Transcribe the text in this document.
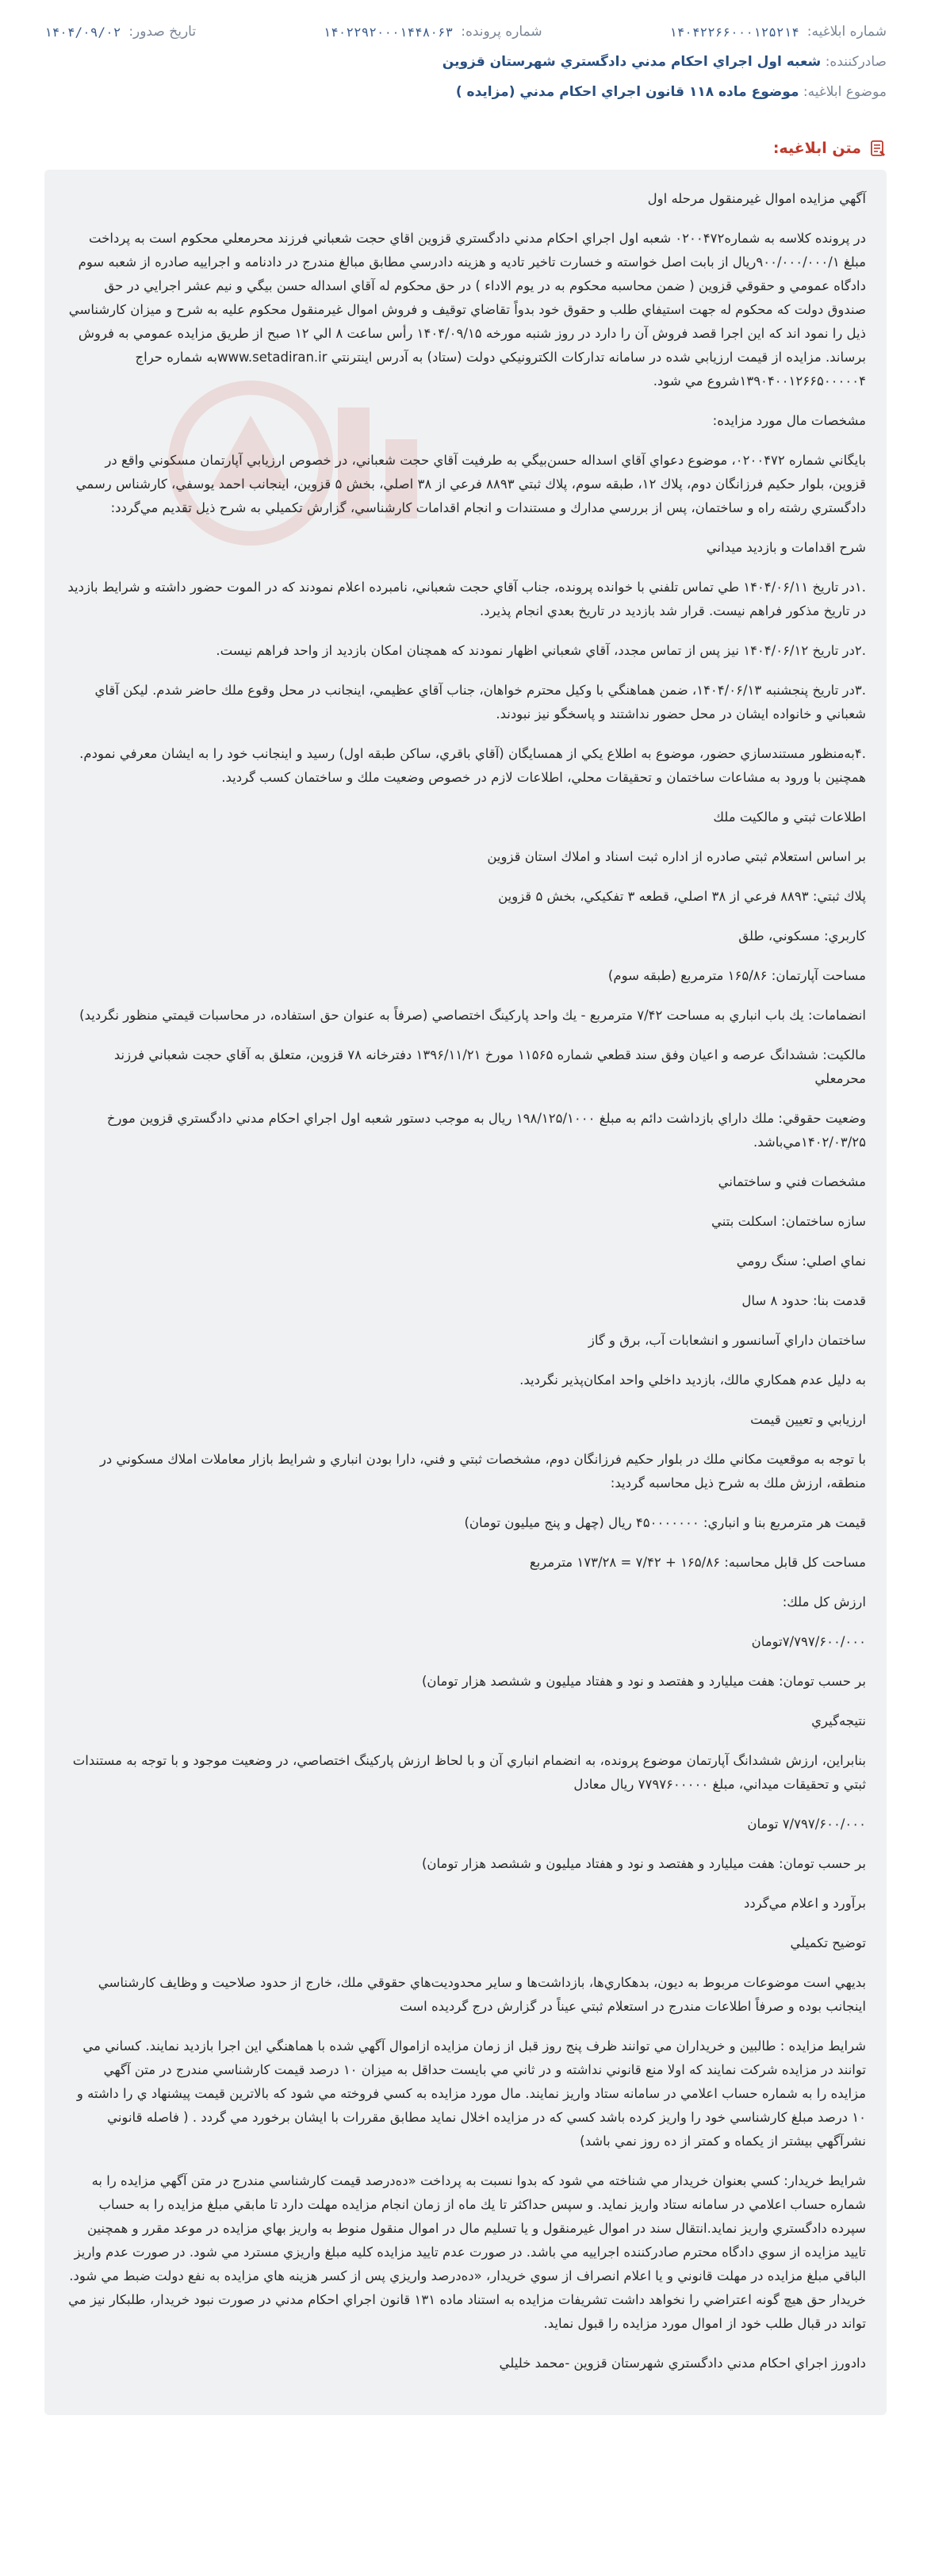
شماره ابلاغیه:
۱۴۰۴۲۲۶۶۰۰۰۱۲۵۲۱۴
شماره پرونده:
۱۴۰۲۲۹۲۰۰۰۱۴۴۸۰۶۳
تاریخ صدور:
۱۴۰۴/۰۹/۰۲
صادرکننده: شعبه اول اجراي احكام مدني دادگستري شهرستان قزوين
موضوع ابلاغیه: موضوع ماده ۱۱۸ قانون اجراي احكام مدني (مزايده )
متن ابلاغیه:
آگهي مزايده اموال غيرمنقول مرحله اول
در پرونده كلاسه به شماره۰۲۰۰۴۷۲ شعبه اول اجراي احكام مدني دادگستري قزوين اقاي حجت شعباني فرزند محرمعلي محكوم است به پرداخت مبلغ ۹۰۰/۰۰۰/۰۰۰/۱ريال از بابت اصل خواسته و خسارت تاخير تاديه و هزينه دادرسي مطابق مبالغ مندرج در دادنامه و اجراييه صادره از شعبه سوم دادگاه عمومي و حقوقي قزوين ( ضمن محاسبه محكوم به در يوم الاداء ) در حق محكوم له آقاي اسداله حسن بيگي و نيم عشر اجرايي در حق صندوق دولت كه محكوم له جهت استيفاي طلب و حقوق خود بدواً تقاضاي توقيف و فروش اموال غيرمنقول محكوم عليه به شرح و ميزان كارشناسي ذيل را نمود اند كه اين اجرا قصد فروش آن را دارد در روز شنبه مورخه ۱۴۰۴/۰۹/۱۵ رأس ساعت ۸ الي ۱۲ صبح از طريق مزايده عمومي به فروش برساند. مزايده از قيمت ارزيابي شده در سامانه تدارکات الکترونيکي دولت (ستاد) به آدرس اينترنتي www.setadiran.irبه شماره حراج ۱۳۹۰۴۰۰۱۲۶۶۵۰۰۰۰۰۴شروع مي شود.
مشخصات مال مورد مزايده:
بايگاني شماره ۰۲۰۰۴۷۲، موضوع دعواي آقاي اسداله حسن‌بيگي به طرفيت آقاي حجت شعباني، در خصوص ارزيابي آپارتمان مسكوني واقع در قزوين، بلوار حكيم فرزانگان دوم، پلاك ۱۲، طبقه سوم، پلاك ثبتي ۸۸۹۳ فرعي از ۳۸ اصلي، بخش ۵ قزوين، اينجانب احمد يوسفي، كارشناس رسمي دادگستري رشته راه و ساختمان، پس از بررسي مدارك و مستندات و انجام اقدامات كارشناسي، گزارش تكميلي به شرح ذيل تقديم مي‌گردد:
شرح اقدامات و بازديد ميداني
.۱در تاريخ ۱۴۰۴/۰۶/۱۱ طي تماس تلفني با خوانده پرونده، جناب آقاي حجت شعباني، نامبرده اعلام نمودند كه در الموت حضور داشته و شرايط بازديد در تاريخ مذكور فراهم نيست. قرار شد بازديد در تاريخ بعدي انجام پذيرد.
.۲در تاريخ ۱۴۰۴/۰۶/۱۲ نيز پس از تماس مجدد، آقاي شعباني اظهار نمودند كه همچنان امكان بازديد از واحد فراهم نيست.
.۳در تاريخ پنجشنبه ۱۴۰۴/۰۶/۱۳، ضمن هماهنگي با وكيل محترم خواهان، جناب آقاي عظيمي، اينجانب در محل وقوع ملك حاضر شدم. ليكن آقاي شعباني و خانواده ايشان در محل حضور نداشتند و پاسخگو نيز نبودند.
.۴به‌منظور مستندسازي حضور، موضوع به اطلاع يكي از همسايگان (آقاي باقري، ساكن طبقه اول) رسيد و اينجانب خود را به ايشان معرفي نمودم. همچنين با ورود به مشاعات ساختمان و تحقيقات محلي، اطلاعات لازم در خصوص وضعيت ملك و ساختمان كسب گرديد.
اطلاعات ثبتي و مالكيت ملك
بر اساس استعلام ثبتي صادره از اداره ثبت اسناد و املاك استان قزوين
پلاك ثبتي: ۸۸۹۳ فرعي از ۳۸ اصلي، قطعه ۳ تفكيكي، بخش ۵ قزوين
كاربري: مسكوني، طلق
مساحت آپارتمان: ۱۶۵/۸۶ مترمربع (طبقه سوم)
انضمامات: يك باب انباري به مساحت ۷/۴۲ مترمربع - يك واحد پاركينگ اختصاصي (صرفاً به عنوان حق استفاده، در محاسبات قيمتي منظور نگرديد)
مالكيت: ششدانگ عرصه و اعيان وفق سند قطعي شماره ۱۱۵۶۵ مورخ ۱۳۹۶/۱۱/۲۱ دفترخانه ۷۸ قزوين، متعلق به آقاي حجت شعباني فرزند محرمعلي
وضعيت حقوقي: ملك داراي بازداشت دائم به مبلغ ۱۹۸/۱۲۵/۱۰۰۰ ريال به موجب دستور شعبه اول اجراي احكام مدني دادگستري قزوين مورخ ۱۴۰۲/۰۳/۲۵مي‌باشد.
مشخصات فني و ساختماني
سازه ساختمان: اسكلت بتني
نماي اصلي: سنگ رومي
قدمت بنا: حدود ۸ سال
ساختمان داراي آسانسور و انشعابات آب، برق و گاز
به دليل عدم همكاري مالك، بازديد داخلي واحد امكان‌پذير نگرديد.
ارزيابي و تعيين قيمت
با توجه به موقعيت مكاني ملك در بلوار حكيم فرزانگان دوم، مشخصات ثبتي و فني، دارا بودن انباري و شرايط بازار معاملات املاك مسكوني در منطقه، ارزش ملك به شرح ذيل محاسبه گرديد:
قيمت هر مترمربع بنا و انباري: ۴۵۰۰۰۰۰۰۰ ريال (چهل و پنج ميليون تومان)
مساحت كل قابل محاسبه: ۱۶۵/۸۶ + ۷/۴۲ = ۱۷۳/۲۸ مترمربع
ارزش كل ملك:
۷/۷۹۷/۶۰۰/۰۰۰تومان
بر حسب تومان: هفت ميليارد و هفتصد و نود و هفتاد ميليون و ششصد هزار تومان)
نتيجه‌گيري
بنابراين، ارزش ششدانگ آپارتمان موضوع پرونده، به انضمام انباري آن و با لحاظ ارزش پاركينگ اختصاصي، در وضعيت موجود و با توجه به مستندات ثبتي و تحقيقات ميداني، مبلغ ۷۷۹۷۶۰۰۰۰۰ ريال معادل
۷/۷۹۷/۶۰۰/۰۰۰ تومان
بر حسب تومان: هفت ميليارد و هفتصد و نود و هفتاد ميليون و ششصد هزار تومان)
برآورد و اعلام مي‌گردد
توضيح تكميلي
بديهي است موضوعات مربوط به ديون، بدهكاري‌ها، بازداشت‌ها و ساير محدوديت‌هاي حقوقي ملك، خارج از حدود صلاحيت و وظايف كارشناسي اينجانب بوده و صرفاً اطلاعات مندرج در استعلام ثبتي عيناً در گزارش درج گرديده است
شرايط مزايده : طالبين و خريداران مي توانند ظرف پنج روز قبل از زمان مزايده ازاموال آگهي شده با هماهنگي اين اجرا بازديد نمايند. كساني مي توانند در مزايده شركت نمايند كه اولا منع قانوني نداشته و در ثاني مي بايست حداقل به ميزان ۱۰ درصد قيمت كارشناسي مندرج در متن آگهي مزايده را به شماره حساب اعلامي در سامانه ستاد واريز نمايند. مال مورد مزايده به كسي فروخته مي شود كه بالاترين قيمت پيشنهاد ي را داشته و ۱۰ درصد مبلغ كارشناسي خود را واريز كرده باشد كسي كه در مزايده اخلال نمايد مطابق مقررات با ايشان برخورد مي گردد . ( فاصله قانوني نشرآگهي بيشتر از يكماه و كمتر از ده روز نمي باشد)
شرايط خريدار: كسي بعنوان خريدار مي شناخته مي شود كه بدوا نسبت به پرداخت «ده‌درصد قيمت كارشناسي مندرج در متن آگهي مزايده را به شماره حساب اعلامي در سامانه ستاد واريز نمايد. و سپس حداكثر تا يك ماه از زمان انجام مزايده مهلت دارد تا مابقي مبلغ مزايده را به حساب سپرده دادگستري واريز نمايد.انتقال سند در اموال غيرمنقول و يا تسليم مال در اموال منقول منوط به واريز بهاي مزايده در موعد مقرر و همچنين تاييد مزايده از سوي دادگاه محترم صادركننده اجراييه مي باشد. در صورت عدم تاييد مزايده كليه مبلغ واريزي مسترد مي شود. در صورت عدم واريز الباقي مبلغ مزايده در مهلت قانوني و يا اعلام انصراف از سوي خريدار، «ده‌درصد واريزي پس از كسر هزينه هاي مزايده به نفع دولت ضبط مي شود. خريدار حق هيچ گونه اعتراضي را نخواهد داشت تشريفات مزايده به استناد ماده ۱۳۱ قانون اجراي احكام مدني در صورت نبود خريدار، طلبكار نيز مي تواند در قبال طلب خود از اموال مورد مزايده را قبول نمايد.
دادورز اجراي احكام مدني دادگستري شهرستان قزوين -محمد خليلي
